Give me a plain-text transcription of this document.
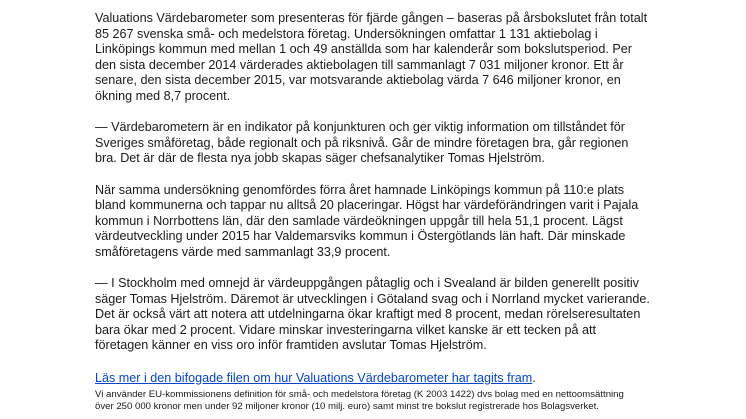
Valuations Värdebarometer som presenteras för fjärde gången – baseras på årsbokslutet från totalt
85 267 svenska små- och medelstora företag. Undersökningen omfattar 1 131 aktiebolag i
Linköpings kommun med mellan 1 och 49 anställda som har kalenderår som bokslutsperiod. Per
den sista december 2014 värderades aktiebolagen till sammanlagt 7 031 miljoner kronor. Ett år
senare, den sista december 2015, var motsvarande aktiebolag värda 7 646 miljoner kronor, en
ökning med 8,7 procent.
— Värdebarometern är en indikator på konjunkturen och ger viktig information om tillståndet för
Sveriges småföretag, både regionalt och på riksnivå. Går de mindre företagen bra, går regionen
bra. Det är där de flesta nya jobb skapas säger chefsanalytiker Tomas Hjelström.
När samma undersökning genomfördes förra året hamnade Linköpings kommun på 110:e plats
bland kommunerna och tappar nu alltså 20 placeringar. Högst har värdeförändringen varit i Pajala
kommun i Norrbottens län, där den samlade värdeökningen uppgår till hela 51,1 procent. Lägst
värdeutveckling under 2015 har Valdemarsviks kommun i Östergötlands län haft. Där minskade
småföretagens värde med sammanlagt 33,9 procent.
— I Stockholm med omnejd är värdeuppgången påtaglig och i Svealand är bilden generellt positiv
säger Tomas Hjelström. Däremot är utvecklingen i Götaland svag och i Norrland mycket varierande.
Det är också värt att notera att utdelningarna ökar kraftigt med 8 procent, medan rörelseresultaten
bara ökar med 2 procent. Vidare minskar investeringarna vilket kanske är ett tecken på att
företagen känner en viss oro inför framtiden avslutar Tomas Hjelström.
Läs mer i den bifogade filen om hur Valuations Värdebarometer har tagits fram.
Vi använder EU-kommissionens definition för små- och medelstora företag (K 2003 1422) dvs bolag med en nettoomsättning
över 250 000 kronor men under 92 miljoner kronor (10 milj. euro) samt minst tre bokslut registrerade hos Bolagsverket.
